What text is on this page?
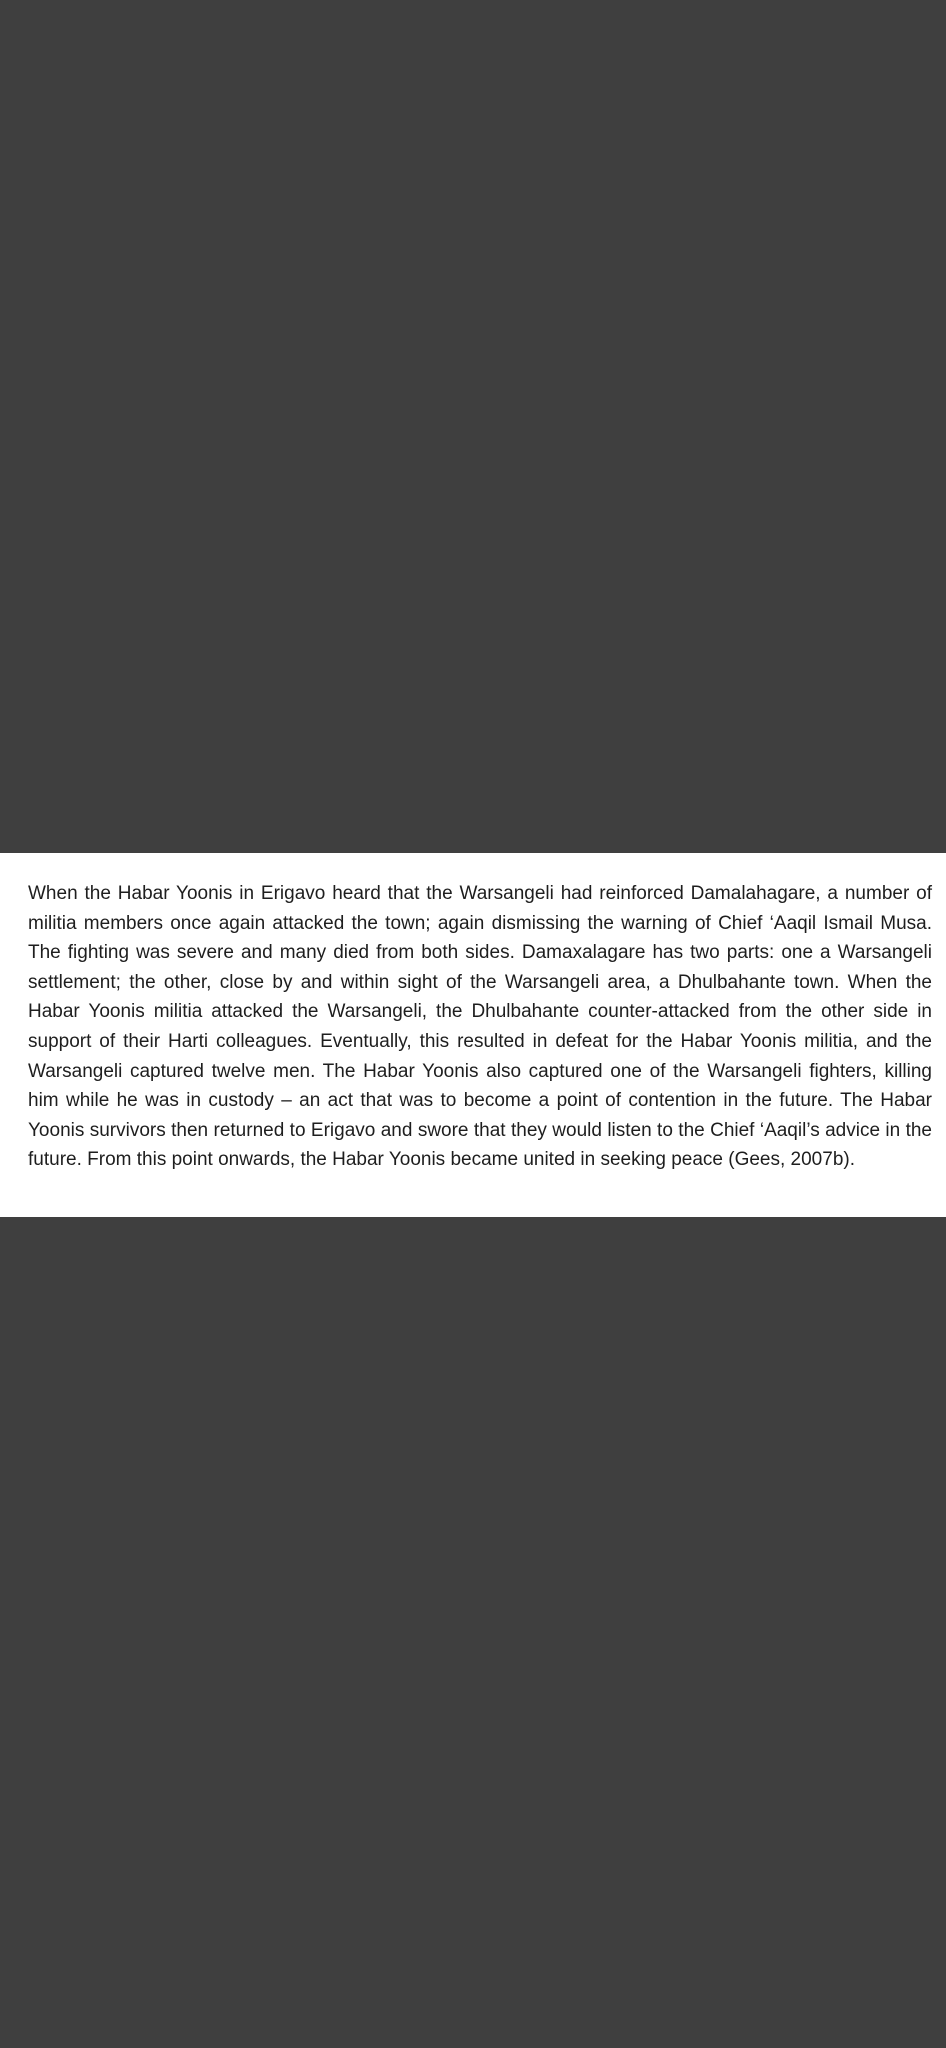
When the Habar Yoonis in Erigavo heard that the Warsangeli had reinforced Damalahagare, a number of militia members once again attacked the town; again dismissing the warning of Chief ‘Aaqil Ismail Musa. The fighting was severe and many died from both sides. Damaxalagare has two parts: one a Warsangeli settlement; the other, close by and within sight of the Warsangeli area, a Dhulbahante town. When the Habar Yoonis militia attacked the Warsangeli, the Dhulbahante counter-attacked from the other side in support of their Harti colleagues. Eventually, this resulted in defeat for the Habar Yoonis militia, and the Warsangeli captured twelve men. The Habar Yoonis also captured one of the Warsangeli fighters, killing him while he was in custody – an act that was to become a point of contention in the future. The Habar Yoonis survivors then returned to Erigavo and swore that they would listen to the Chief ‘Aaqil’s advice in the future. From this point onwards, the Habar Yoonis became united in seeking peace (Gees, 2007b).
